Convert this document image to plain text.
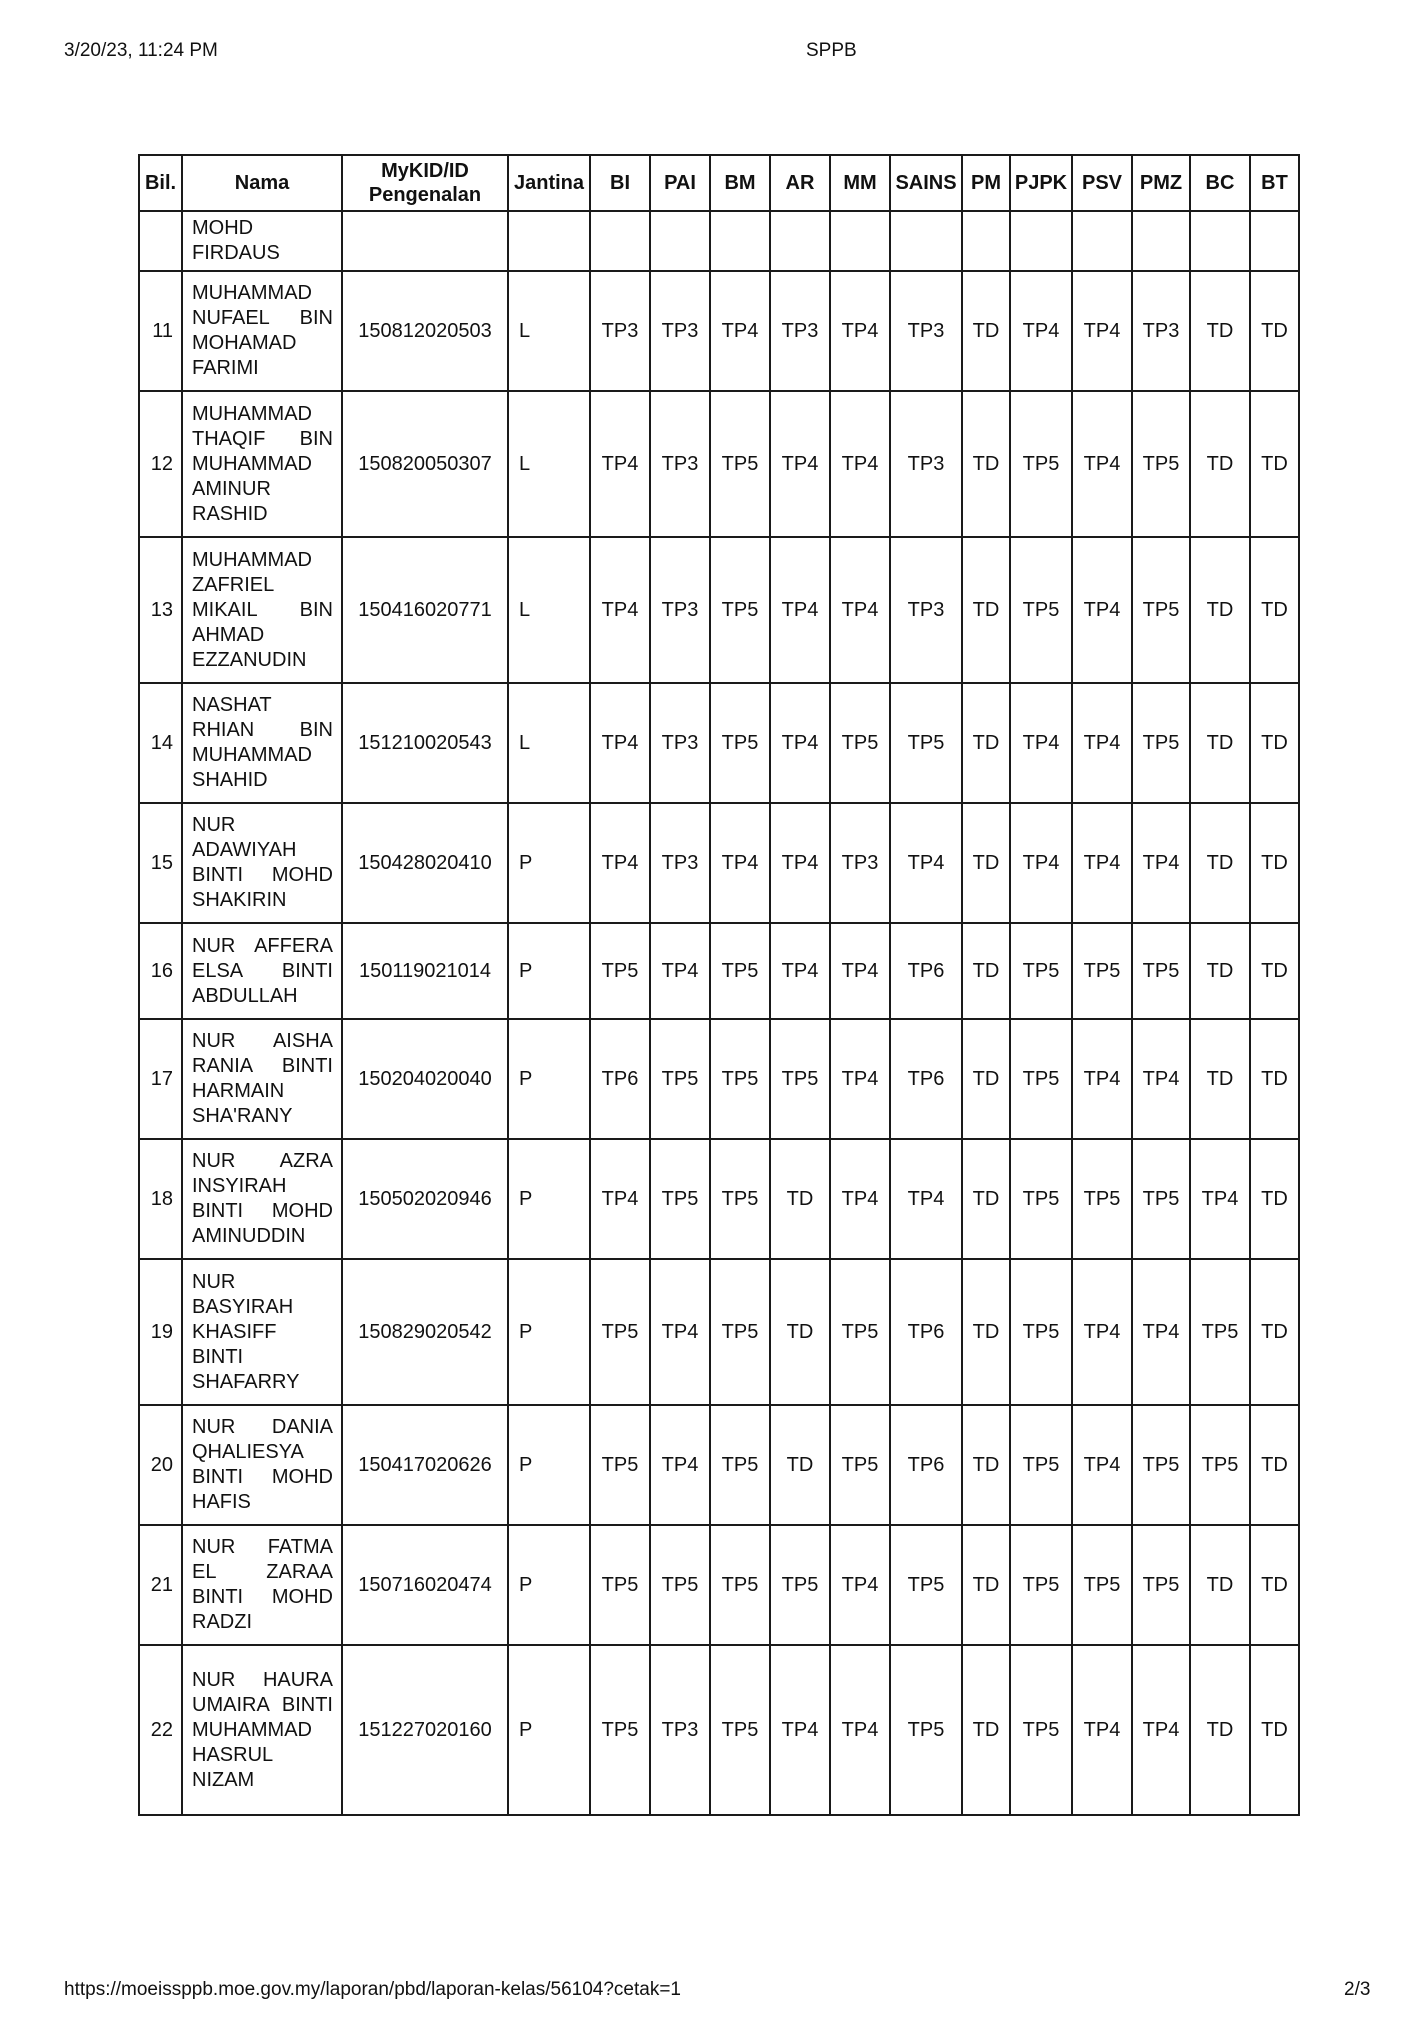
3/20/23, 11:24 PM	SPPB
Bil.	Nama	MyKID/ID Pengenalan	Jantina	BI	PAI	BM	AR	MM	SAINS	PM	PJPK	PSV	PMZ	BC	BT
	MOHD FIRDAUS														
11	MUHAMMAD NUFAEL BIN MOHAMAD FARIMI	150812020503	L	TP3	TP3	TP4	TP3	TP4	TP3	TD	TP4	TP4	TP3	TD	TD
12	MUHAMMAD THAQIF BIN MUHAMMAD AMINUR RASHID	150820050307	L	TP4	TP3	TP5	TP4	TP4	TP3	TD	TP5	TP4	TP5	TD	TD
13	MUHAMMAD ZAFRIEL MIKAIL BIN AHMAD EZZANUDIN	150416020771	L	TP4	TP3	TP5	TP4	TP4	TP3	TD	TP5	TP4	TP5	TD	TD
14	NASHAT RHIAN BIN MUHAMMAD SHAHID	151210020543	L	TP4	TP3	TP5	TP4	TP5	TP5	TD	TP4	TP4	TP5	TD	TD
15	NUR ADAWIYAH BINTI MOHD SHAKIRIN	150428020410	P	TP4	TP3	TP4	TP4	TP3	TP4	TD	TP4	TP4	TP4	TD	TD
16	NUR AFFERA ELSA BINTI ABDULLAH	150119021014	P	TP5	TP4	TP5	TP4	TP4	TP6	TD	TP5	TP5	TP5	TD	TD
17	NUR AISHA RANIA BINTI HARMAIN SHA'RANY	150204020040	P	TP6	TP5	TP5	TP5	TP4	TP6	TD	TP5	TP4	TP4	TD	TD
18	NUR AZRA INSYIRAH BINTI MOHD AMINUDDIN	150502020946	P	TP4	TP5	TP5	TD	TP4	TP4	TD	TP5	TP5	TP5	TP4	TD
19	NUR BASYIRAH KHASIFF BINTI SHAFARRY	150829020542	P	TP5	TP4	TP5	TD	TP5	TP6	TD	TP5	TP4	TP4	TP5	TD
20	NUR DANIA QHALIESYA BINTI MOHD HAFIS	150417020626	P	TP5	TP4	TP5	TD	TP5	TP6	TD	TP5	TP4	TP5	TP5	TD
21	NUR FATMA EL ZARAA BINTI MOHD RADZI	150716020474	P	TP5	TP5	TP5	TP5	TP4	TP5	TD	TP5	TP5	TP5	TD	TD
22	NUR HAURA UMAIRA BINTI MUHAMMAD HASRUL NIZAM	151227020160	P	TP5	TP3	TP5	TP4	TP4	TP5	TD	TP5	TP4	TP4	TD	TD
https://moeissppb.moe.gov.my/laporan/pbd/laporan-kelas/56104?cetak=1	2/3
